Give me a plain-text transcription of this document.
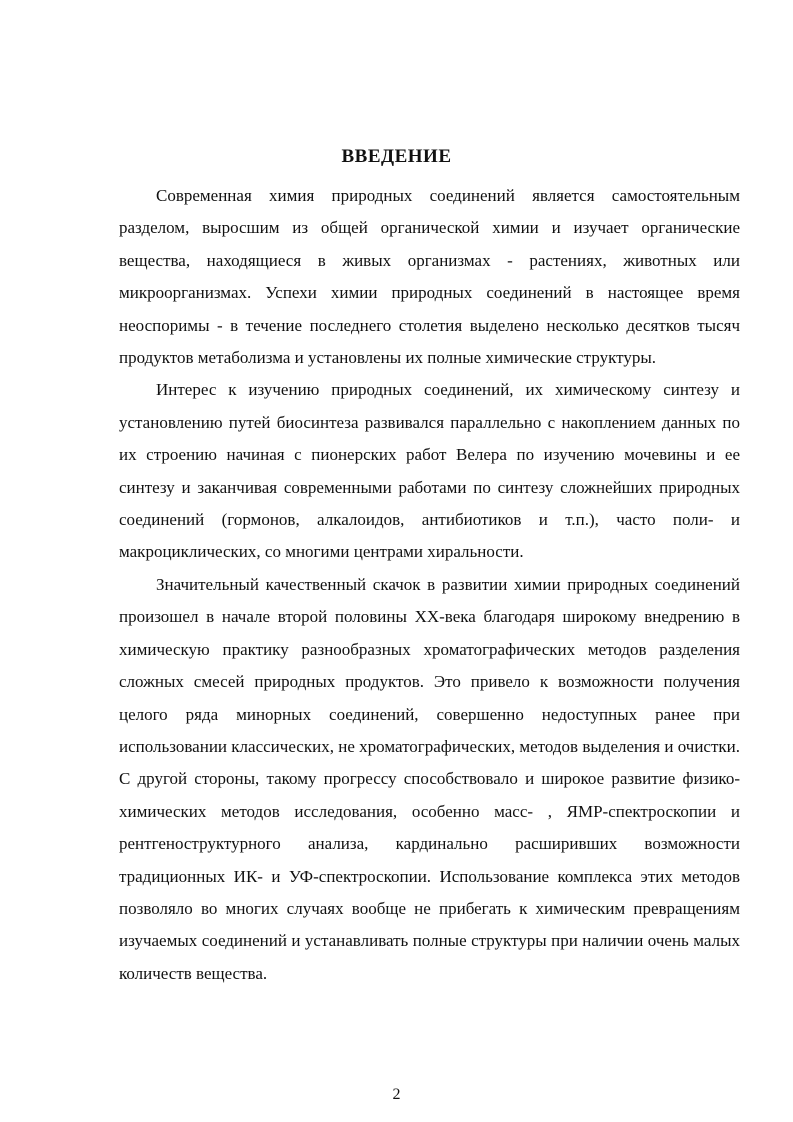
ВВЕДЕНИЕ

Современная химия природных соединений является самостоятельным разделом, выросшим из общей органической химии и изучает органические вещества, находящиеся в живых организмах - растениях, животных или микроорганизмах. Успехи химии природных соединений в настоящее время неоспоримы - в течение последнего столетия выделено несколько десятков тысяч продуктов метаболизма и установлены их полные химические структуры.

Интерес к изучению природных соединений, их химическому синтезу и установлению путей биосинтеза развивался параллельно с накоплением данных по их строению начиная с пионерских работ Велера по изучению мочевины и ее синтезу и заканчивая современными работами по синтезу сложнейших природных соединений (гормонов, алкалоидов, антибиотиков и т.п.), часто поли- и макроциклических, со многими центрами хиральности.

Значительный качественный скачок в развитии химии природных соединений произошел в начале второй половины XX-века благодаря широкому внедрению в химическую практику разнообразных хроматографических методов разделения сложных смесей природных продуктов. Это привело к возможности получения целого ряда минорных соединений, совершенно недоступных ранее при использовании классических, не хроматографических, методов выделения и очистки. С другой стороны, такому прогрессу способствовало и широкое развитие физико-химических методов исследования, особенно масс- , ЯМР-спектроскопии и рентгеноструктурного анализа, кардинально расширивших возможности традиционных ИК- и УФ-спектроскопии. Использование комплекса этих методов позволяло во многих случаях вообще не прибегать к химическим превращениям изучаемых соединений и устанавливать полные структуры при наличии очень малых количеств вещества.

2
